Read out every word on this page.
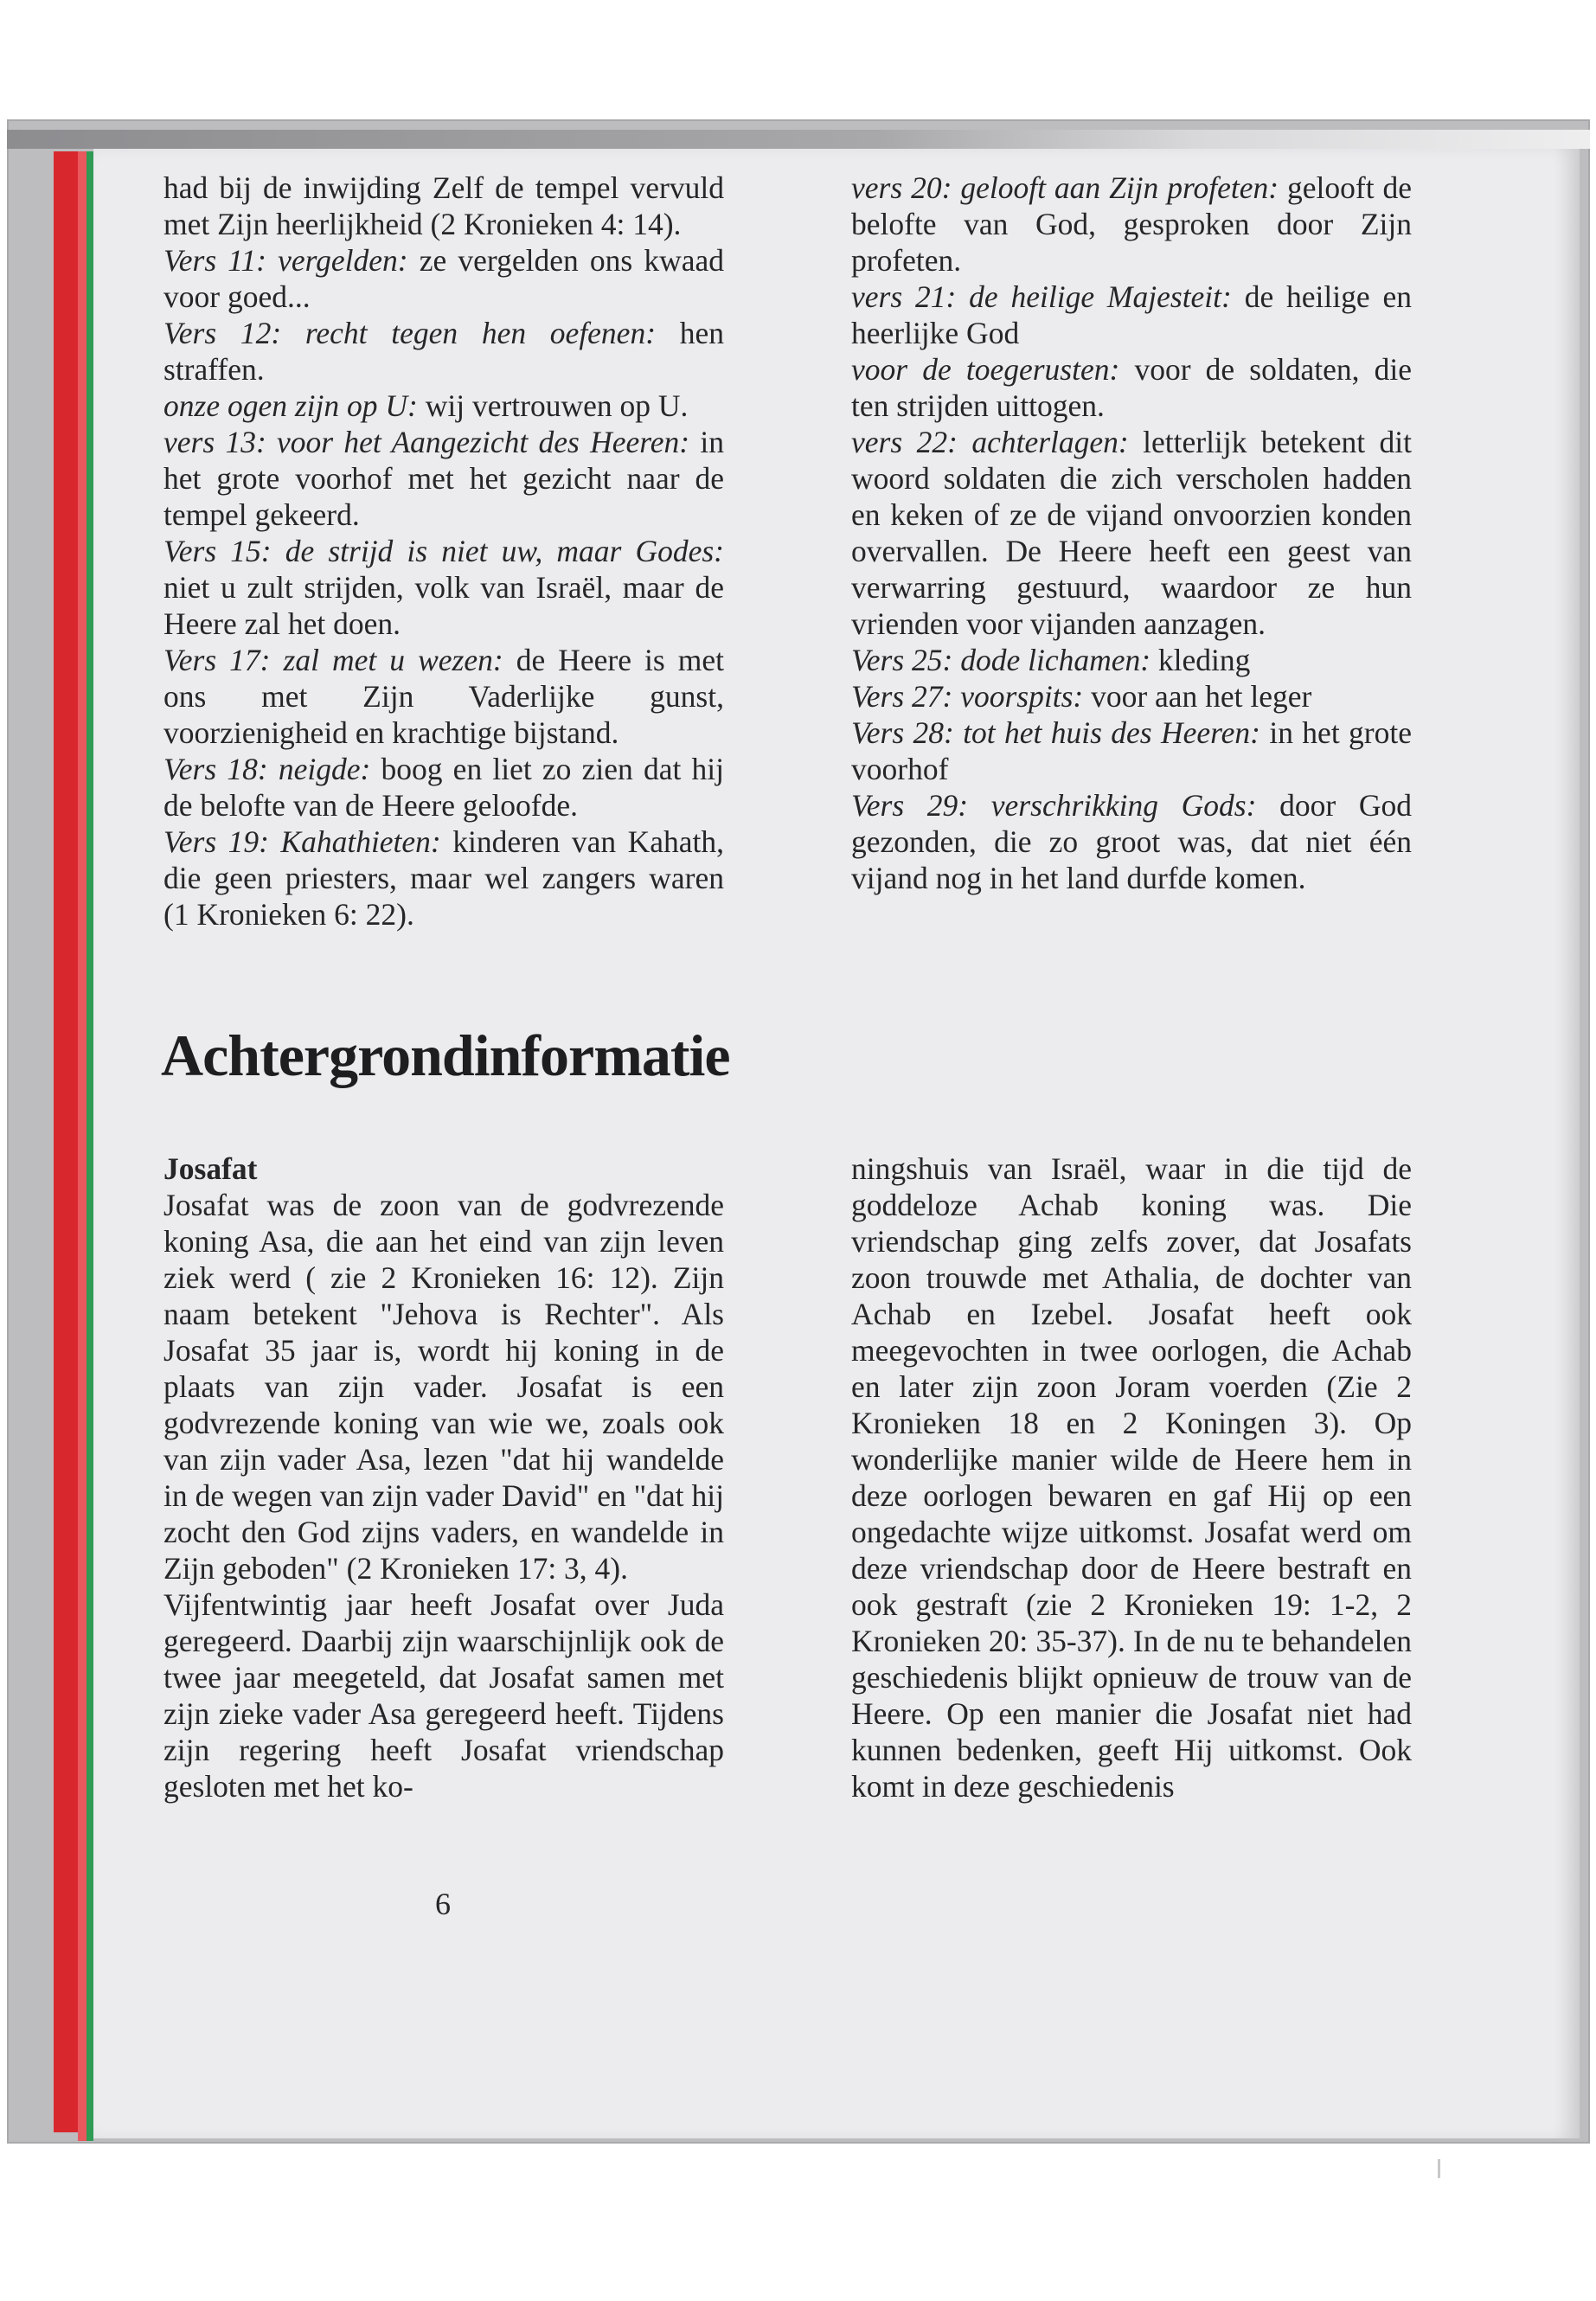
had bij de inwijding Zelf de tempel vervuld met Zijn heerlijkheid (2 Kronieken 4: 14).

Vers 11: vergelden: ze vergelden ons kwaad voor goed...

Vers 12: recht tegen hen oefenen: hen straffen.

onze ogen zijn op U: wij vertrouwen op U.

vers 13: voor het Aangezicht des Heeren: in het grote voorhof met het gezicht naar de tempel gekeerd.

Vers 15: de strijd is niet uw, maar Godes: niet u zult strijden, volk van Israël, maar de Heere zal het doen.

Vers 17: zal met u wezen: de Heere is met ons met Zijn Vaderlijke gunst, voorzienigheid en krachtige bijstand.

Vers 18: neigde: boog en liet zo zien dat hij de belofte van de Heere geloofde.

Vers 19: Kahathieten: kinderen van Kahath, die geen priesters, maar wel zangers waren (1 Kronieken 6: 22).

vers 20: gelooft aan Zijn profeten: gelooft de belofte van God, gesproken door Zijn profeten.

vers 21: de heilige Majesteit: de heilige en heerlijke God

voor de toegerusten: voor de soldaten, die ten strijden uittogen.

vers 22: achterlagen: letterlijk betekent dit woord soldaten die zich verscholen hadden en keken of ze de vijand onvoorzien konden overvallen. De Heere heeft een geest van verwarring gestuurd, waardoor ze hun vrienden voor vijanden aanzagen.

Vers 25: dode lichamen: kleding

Vers 27: voorspits: voor aan het leger

Vers 28: tot het huis des Heeren: in het grote voorhof

Vers 29: verschrikking Gods: door God gezonden, die zo groot was, dat niet één vijand nog in het land durfde komen.

Achtergrondinformatie

Josafat

Josafat was de zoon van de godvrezende koning Asa, die aan het eind van zijn leven ziek werd ( zie 2 Kronieken 16: 12). Zijn naam betekent "Jehova is Rechter". Als Josafat 35 jaar is, wordt hij koning in de plaats van zijn vader. Josafat is een godvrezende koning van wie we, zoals ook van zijn vader Asa, lezen "dat hij wandelde in de wegen van zijn vader David" en "dat hij zocht den God zijns vaders, en wandelde in Zijn geboden" (2 Kronieken 17: 3, 4).

Vijfentwintig jaar heeft Josafat over Juda geregeerd. Daarbij zijn waarschijnlijk ook de twee jaar meegeteld, dat Josafat samen met zijn zieke vader Asa geregeerd heeft. Tijdens zijn regering heeft Josafat vriendschap gesloten met het ko-

ningshuis van Israël, waar in die tijd de goddeloze Achab koning was. Die vriendschap ging zelfs zover, dat Josafats zoon trouwde met Athalia, de dochter van Achab en Izebel. Josafat heeft ook meegevochten in twee oorlogen, die Achab en later zijn zoon Joram voerden (Zie 2 Kronieken 18 en 2 Koningen 3). Op wonderlijke manier wilde de Heere hem in deze oorlogen bewaren en gaf Hij op een ongedachte wijze uitkomst. Josafat werd om deze vriendschap door de Heere bestraft en ook gestraft (zie 2 Kronieken 19: 1-2, 2 Kronieken 20: 35-37). In de nu te behandelen geschiedenis blijkt opnieuw de trouw van de Heere. Op een manier die Josafat niet had kunnen bedenken, geeft Hij uitkomst. Ook komt in deze geschiedenis

6
